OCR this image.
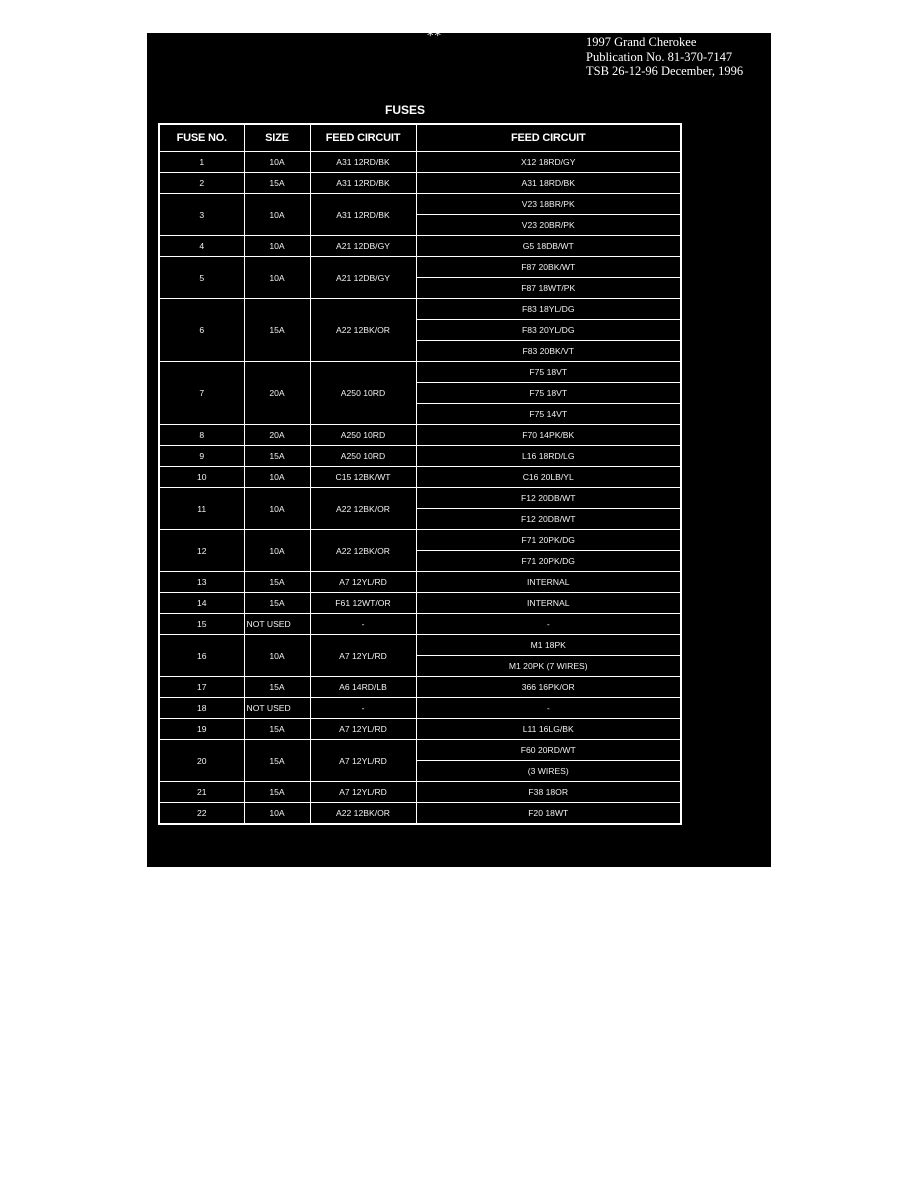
**	1997 Grand Cherokee
Publication No. 81-370-7147
TSB 26-12-96 December, 1996
FUSES
FUSE NO.	SIZE	FEED CIRCUIT	FEED CIRCUIT
1	10A	A31 12RD/BK	X12 18RD/GY
2	15A	A31 12RD/BK	A31 18RD/BK
3	10A	A31 12RD/BK	V23 18BR/PK
			V23 20BR/PK
4	10A	A21 12DB/GY	G5 18DB/WT
5	10A	A21 12DB/GY	F87 20BK/WT
			F87 18WT/PK
6	15A	A22 12BK/OR	F83 18YL/DG
			F83 20YL/DG
			F83 20BK/VT
7	20A	A250 10RD	F75 18VT
			F75 18VT
			F75 14VT
8	20A	A250 10RD	F70 14PK/BK
9	15A	A250 10RD	L16 18RD/LG
10	10A	C15 12BK/WT	C16 20LB/YL
11	10A	A22 12BK/OR	F12 20DB/WT
			F12 20DB/WT
12	10A	A22 12BK/OR	F71 20PK/DG
			F71 20PK/DG
13	15A	A7 12YL/RD	INTERNAL
14	15A	F61 12WT/OR	INTERNAL
15	NOT USED	-	-
16	10A	A7 12YL/RD	M1 18PK
			M1 20PK (7 WIRES)
17	15A	A6 14RD/LB	366 16PK/OR
18	NOT USED	-	-
19	15A	A7 12YL/RD	L11 16LG/BK
20	15A	A7 12YL/RD	F60 20RD/WT
			(3 WIRES)
21	15A	A7 12YL/RD	F38 18OR
22	10A	A22 12BK/OR	F20 18WT
